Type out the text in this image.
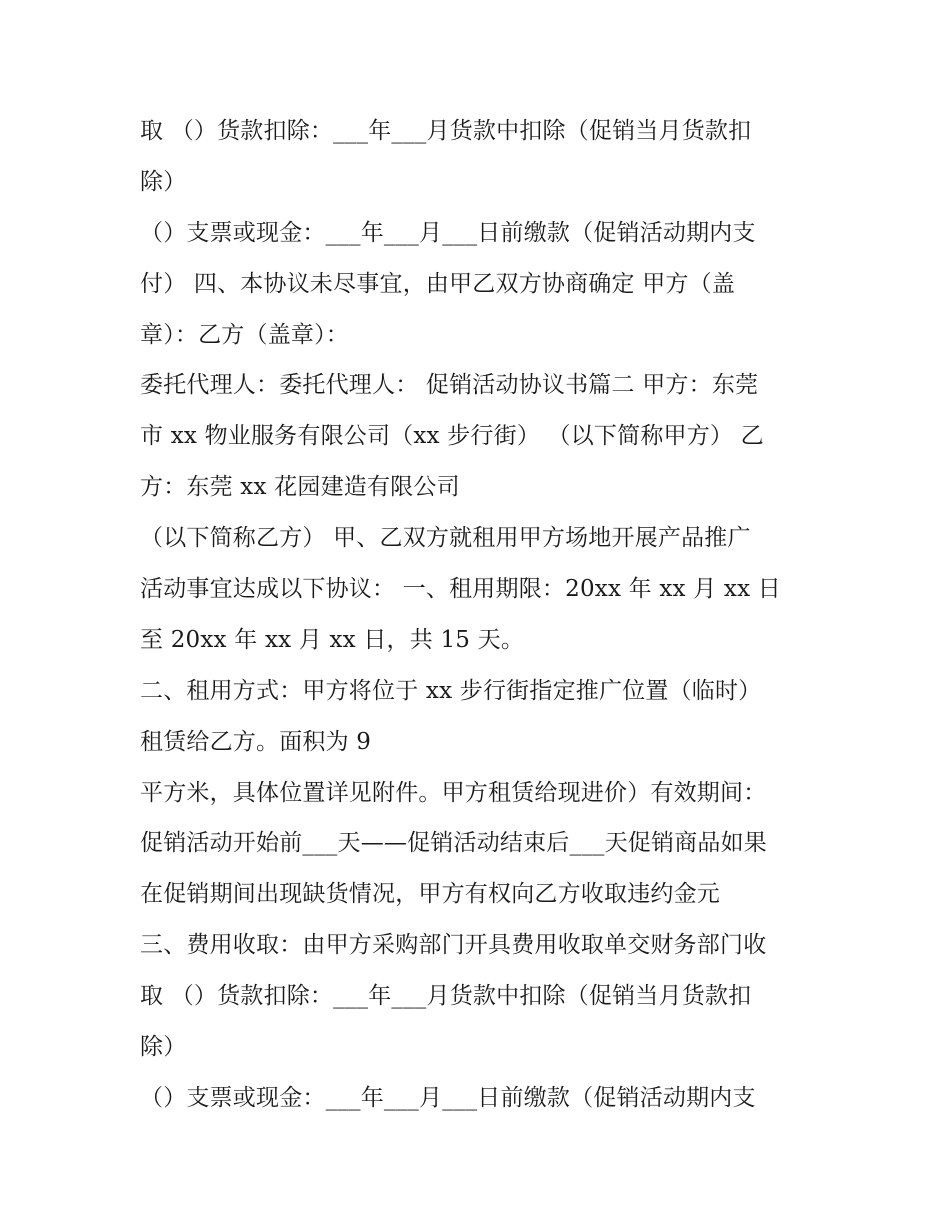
取 （）货款扣除：___年___月货款中扣除（促销当月货款扣
除）
（）支票或现金：___年___月___日前缴款（促销活动期内支
付） 四、本协议未尽事宜，由甲乙双方协商确定 甲方（盖
章）：乙方（盖章）：
委托代理人：委托代理人： 促销活动协议书篇二 甲方：东莞
市 xx 物业服务有限公司（xx 步行街） （以下简称甲方） 乙
方：东莞 xx 花园建造有限公司
（以下简称乙方） 甲、乙双方就租用甲方场地开展产品推广
活动事宜达成以下协议： 一、租用期限：20xx 年 xx 月 xx 日
至 20xx 年 xx 月 xx 日，共 15 天。
二、租用方式：甲方将位于 xx 步行街指定推广位置（临时）
租赁给乙方。面积为 9
平方米，具体位置详见附件。甲方租赁给现进价）有效期间：
促销活动开始前___天——促销活动结束后___天促销商品如果
在促销期间出现缺货情况，甲方有权向乙方收取违约金元
三、费用收取：由甲方采购部门开具费用收取单交财务部门收
取 （）货款扣除：___年___月货款中扣除（促销当月货款扣
除）
（）支票或现金：___年___月___日前缴款（促销活动期内支
